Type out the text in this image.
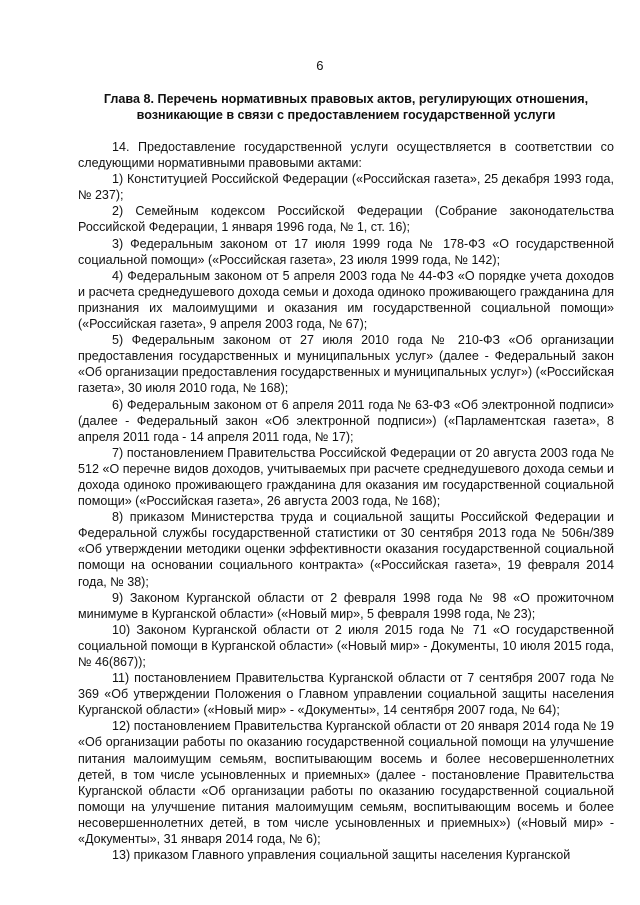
6
Глава 8. Перечень нормативных правовых актов, регулирующих отношения,
возникающие в связи с предоставлением государственной услуги

14. Предоставление государственной услуги осуществляется в соответствии со следующими нормативными правовыми актами:

1) Конституцией Российской Федерации («Российская газета», 25 декабря 1993 года, № 237);

2) Семейным кодексом Российской Федерации (Собрание законодательства Российской Федерации, 1 января 1996 года, № 1, ст. 16);

3) Федеральным законом от 17 июля 1999 года № 178-ФЗ «О государственной социальной помощи» («Российская газета», 23 июля 1999 года, № 142);

4) Федеральным законом от 5 апреля 2003 года № 44-ФЗ «О порядке учета доходов и расчета среднедушевого дохода семьи и дохода одиноко проживающего гражданина для признания их малоимущими и оказания им государственной социальной помощи» («Российская газета», 9 апреля 2003 года, № 67);

5) Федеральным законом от 27 июля 2010 года № 210-ФЗ «Об организации предоставления государственных и муниципальных услуг» (далее - Федеральный закон «Об организации предоставления государственных и муниципальных услуг») («Российская газета», 30 июля 2010 года, № 168);

6) Федеральным законом от 6 апреля 2011 года № 63-ФЗ «Об электронной подписи» (далее - Федеральный закон «Об электронной подписи») («Парламентская газета», 8 апреля 2011 года - 14 апреля 2011 года, № 17);

7) постановлением Правительства Российской Федерации от 20 августа 2003 года № 512 «О перечне видов доходов, учитываемых при расчете среднедушевого дохода семьи и дохода одиноко проживающего гражданина для оказания им государственной социальной помощи» («Российская газета», 26 августа 2003 года, № 168);

8) приказом Министерства труда и социальной защиты Российской Федерации и Федеральной службы государственной статистики от 30 сентября 2013 года № 506н/389 «Об утверждении методики оценки эффективности оказания государственной социальной помощи на основании социального контракта» («Российская газета», 19 февраля 2014 года, № 38);

9) Законом Курганской области от 2 февраля 1998 года № 98 «О прожиточном минимуме в Курганской области» («Новый мир», 5 февраля 1998 года, № 23);

10) Законом Курганской области от 2 июля 2015 года № 71 «О государственной социальной помощи в Курганской области» («Новый мир» - Документы, 10 июля 2015 года, № 46(867));

11) постановлением Правительства Курганской области от 7 сентября 2007 года № 369 «Об утверждении Положения о Главном управлении социальной защиты населения Курганской области» («Новый мир» - «Документы», 14 сентября 2007 года, № 64);

12) постановлением Правительства Курганской области от 20 января 2014 года № 19 «Об организации работы по оказанию государственной социальной помощи на улучшение питания малоимущим семьям, воспитывающим восемь и более несовершеннолетних детей, в том числе усыновленных и приемных» (далее - постановление Правительства Курганской области «Об организации работы по оказанию государственной социальной помощи на улучшение питания малоимущим семьям, воспитывающим восемь и более несовершеннолетних детей, в том числе усыновленных и приемных») («Новый мир» - «Документы», 31 января 2014 года, № 6);

13) приказом Главного управления социальной защиты населения Курганской
